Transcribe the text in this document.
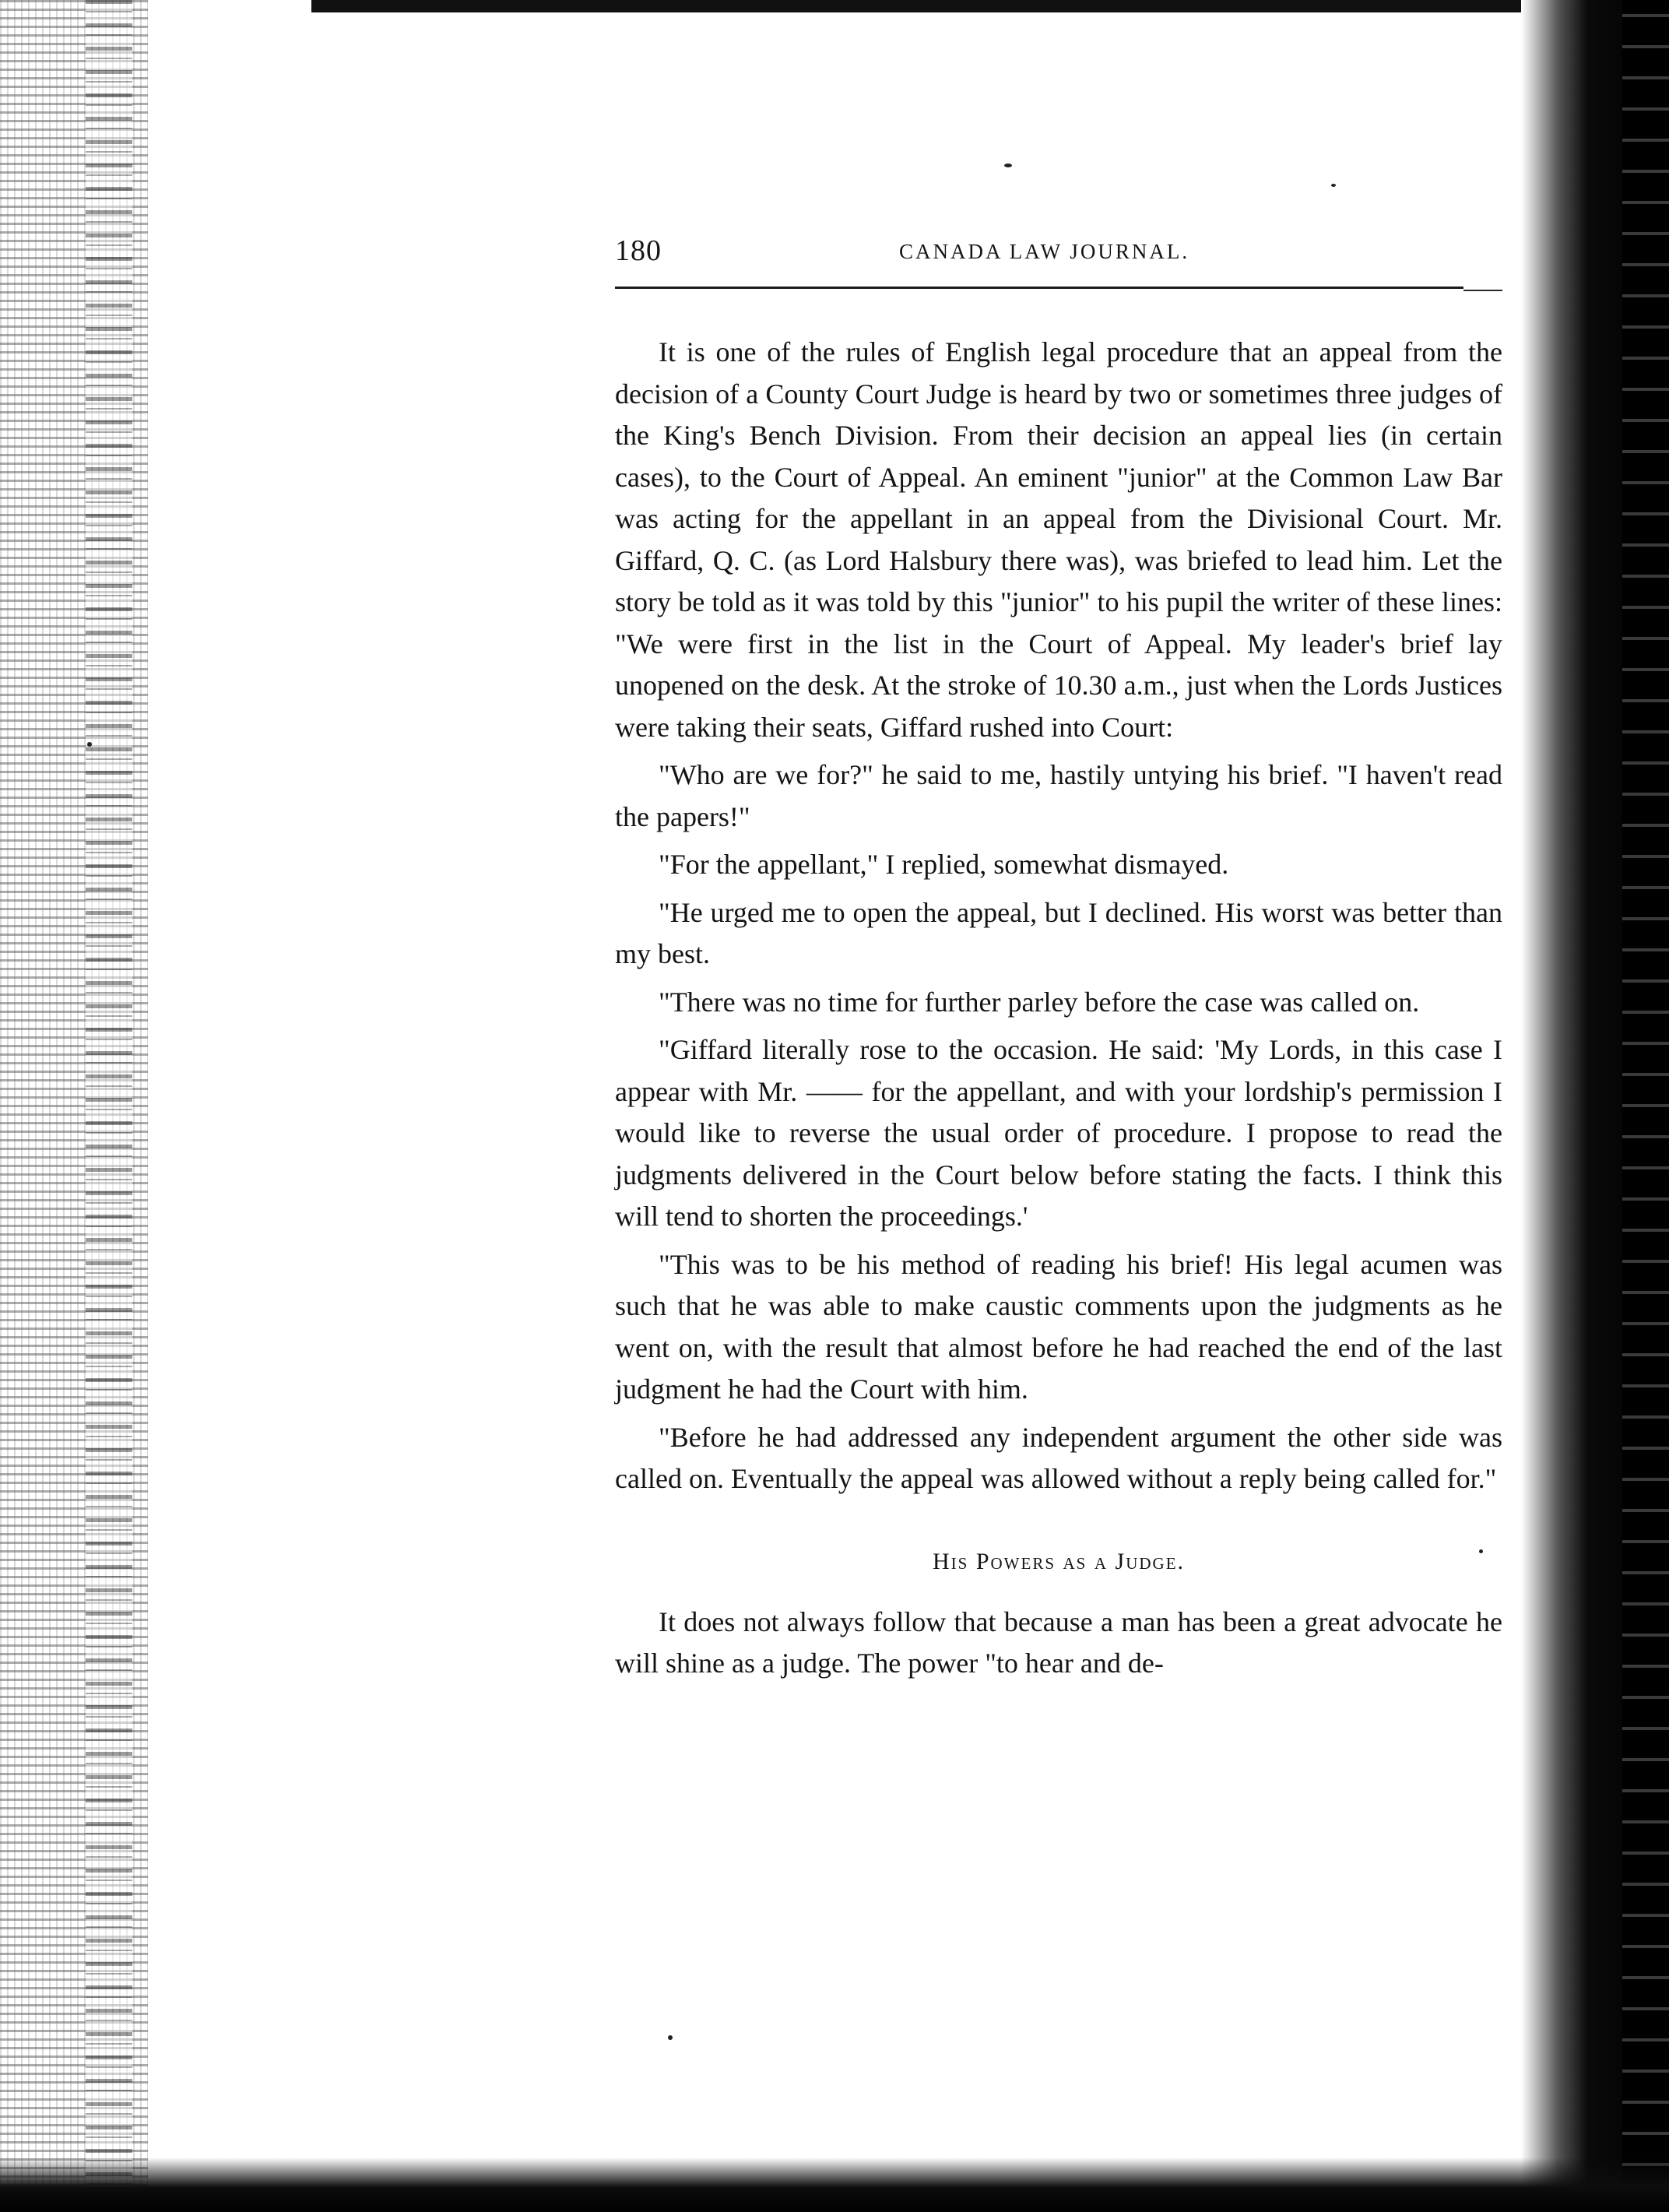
180	CANADA LAW JOURNAL.

It is one of the rules of English legal procedure that an appeal from the decision of a County Court Judge is heard by two or sometimes three judges of the King's Bench Division. From their decision an appeal lies (in certain cases), to the Court of Appeal. An eminent "junior" at the Common Law Bar was acting for the appellant in an appeal from the Divisional Court. Mr. Giffard, Q. C. (as Lord Halsbury there was), was briefed to lead him. Let the story be told as it was told by this "junior" to his pupil the writer of these lines: "We were first in the list in the Court of Appeal. My leader's brief lay unopened on the desk. At the stroke of 10.30 a.m., just when the Lords Justices were taking their seats, Giffard rushed into Court:

"Who are we for?" he said to me, hastily untying his brief. "I haven't read the papers!"

"For the appellant," I replied, somewhat dismayed.

"He urged me to open the appeal, but I declined. His worst was better than my best.

"There was no time for further parley before the case was called on.

"Giffard literally rose to the occasion. He said: 'My Lords, in this case I appear with Mr. —— for the appellant, and with your lordship's permission I would like to reverse the usual order of procedure. I propose to read the judgments delivered in the Court below before stating the facts. I think this will tend to shorten the proceedings.'

"This was to be his method of reading his brief! His legal acumen was such that he was able to make caustic comments upon the judgments as he went on, with the result that almost before he had reached the end of the last judgment he had the Court with him.

"Before he had addressed any independent argument the other side was called on. Eventually the appeal was allowed without a reply being called for."

His Powers as a Judge.

It does not always follow that because a man has been a great advocate he will shine as a judge. The power "to hear and de-
